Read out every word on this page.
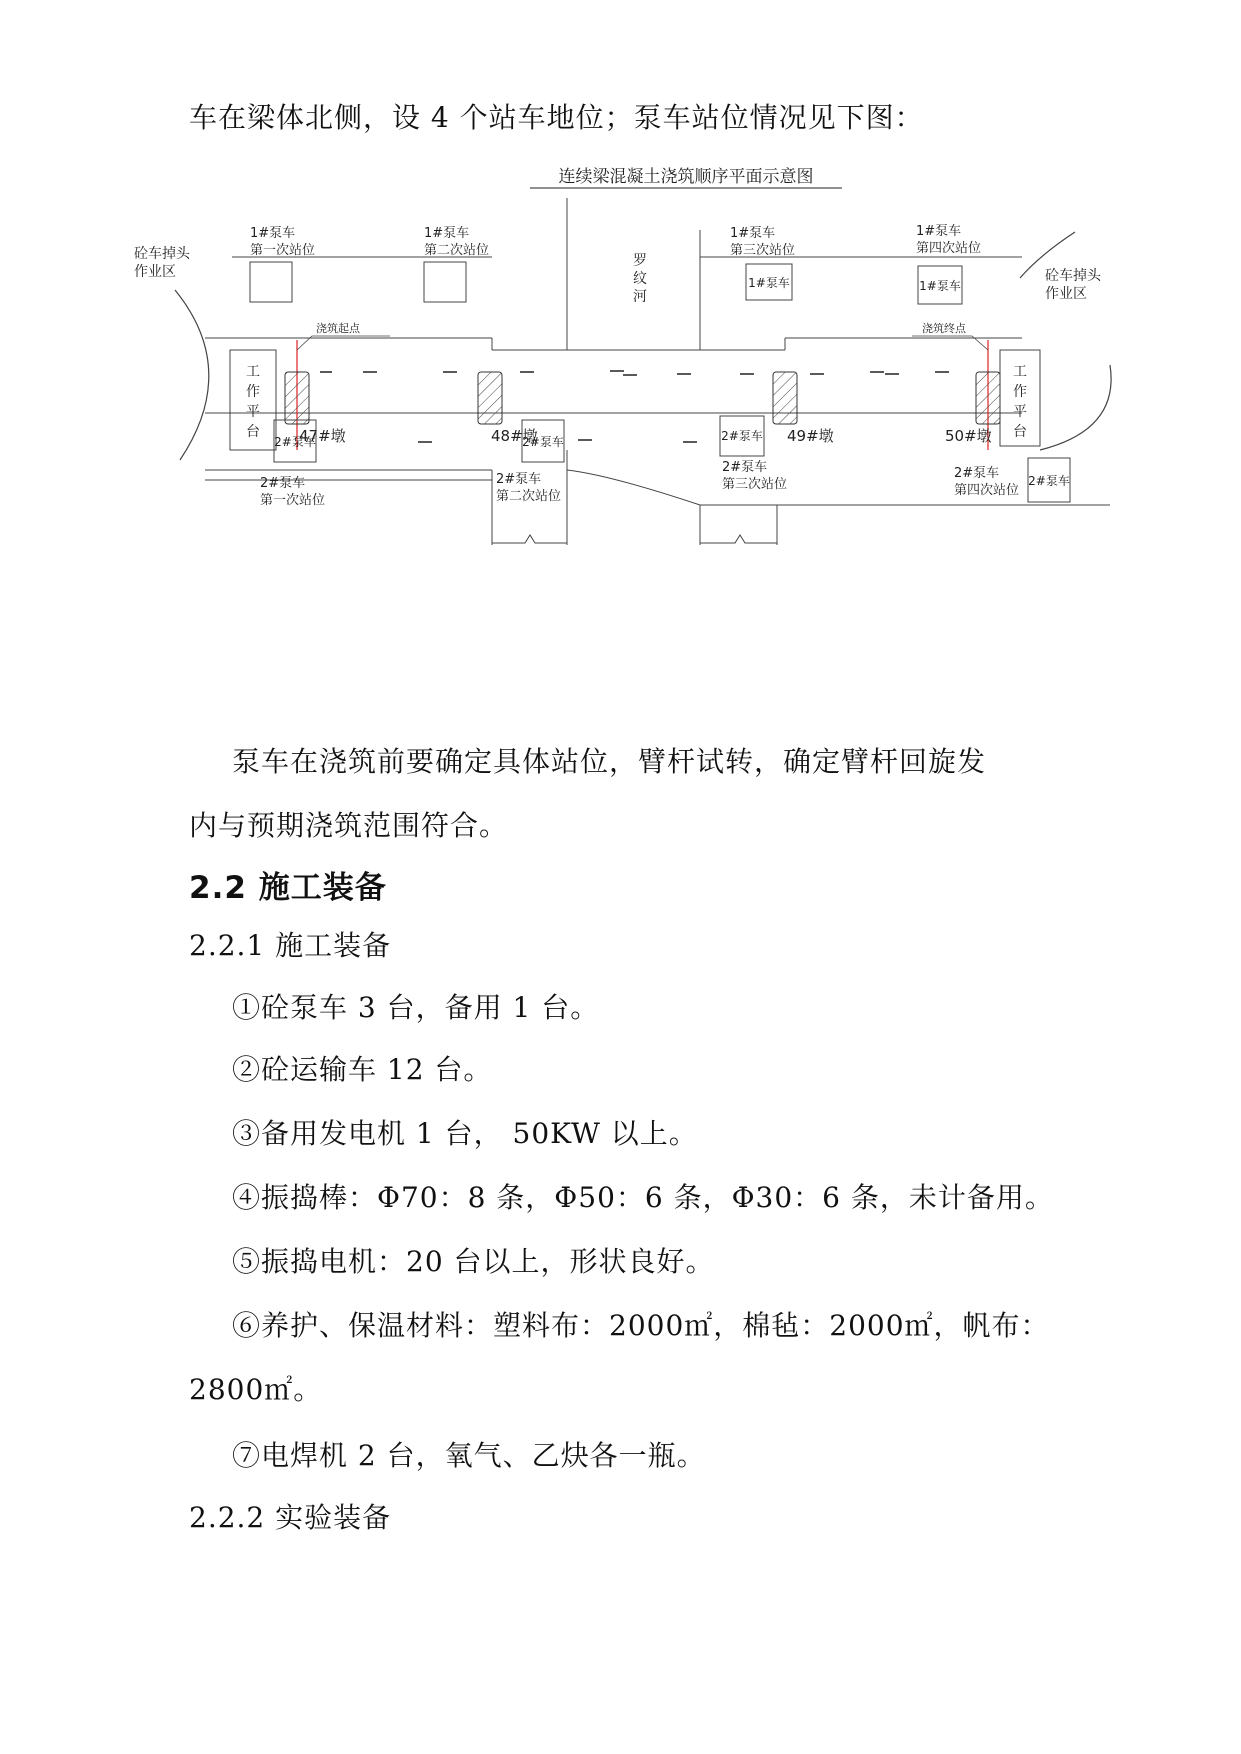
车在梁体北侧，设 4 个站车地位；泵车站位情况见下图：
连续梁混凝土浇筑顺序平面示意图
砼车掉头
作业区	砼车掉头
作业区
罗
纹
河
工
作
平
台
工
作
平
台
浇筑起点	浇筑终点
47#墩	48#墩	49#墩	50#墩
1#泵车	1#泵车
1#泵车
第一次站位
1#泵车
第二次站位
1#泵车
第三次站位
1#泵车
第四次站位
2#泵车	2#泵车	2#泵车
2#泵车
2#泵车
第一次站位
2#泵车
第二次站位
2#泵车
第三次站位
2#泵车
第四次站位
泵车在浇筑前要确定具体站位，臂杆试转，确定臂杆回旋发
内与预期浇筑范围符合。
2.2 施工装备
2.2.1 施工装备
①砼泵车 3 台，备用 1 台。
②砼运输车 12 台。
③备用发电机 1 台， 50KW 以上。
④振捣棒：Φ70：8 条，Φ50：6 条，Φ30：6 条，未计备用。
⑤振捣电机：20 台以上，形状良好。
⑥养护、保温材料：塑料布：2000㎡，棉毡：2000㎡，帆布：
2800㎡。
⑦电焊机 2 台，氧气、乙炔各一瓶。
2.2.2 实验装备
